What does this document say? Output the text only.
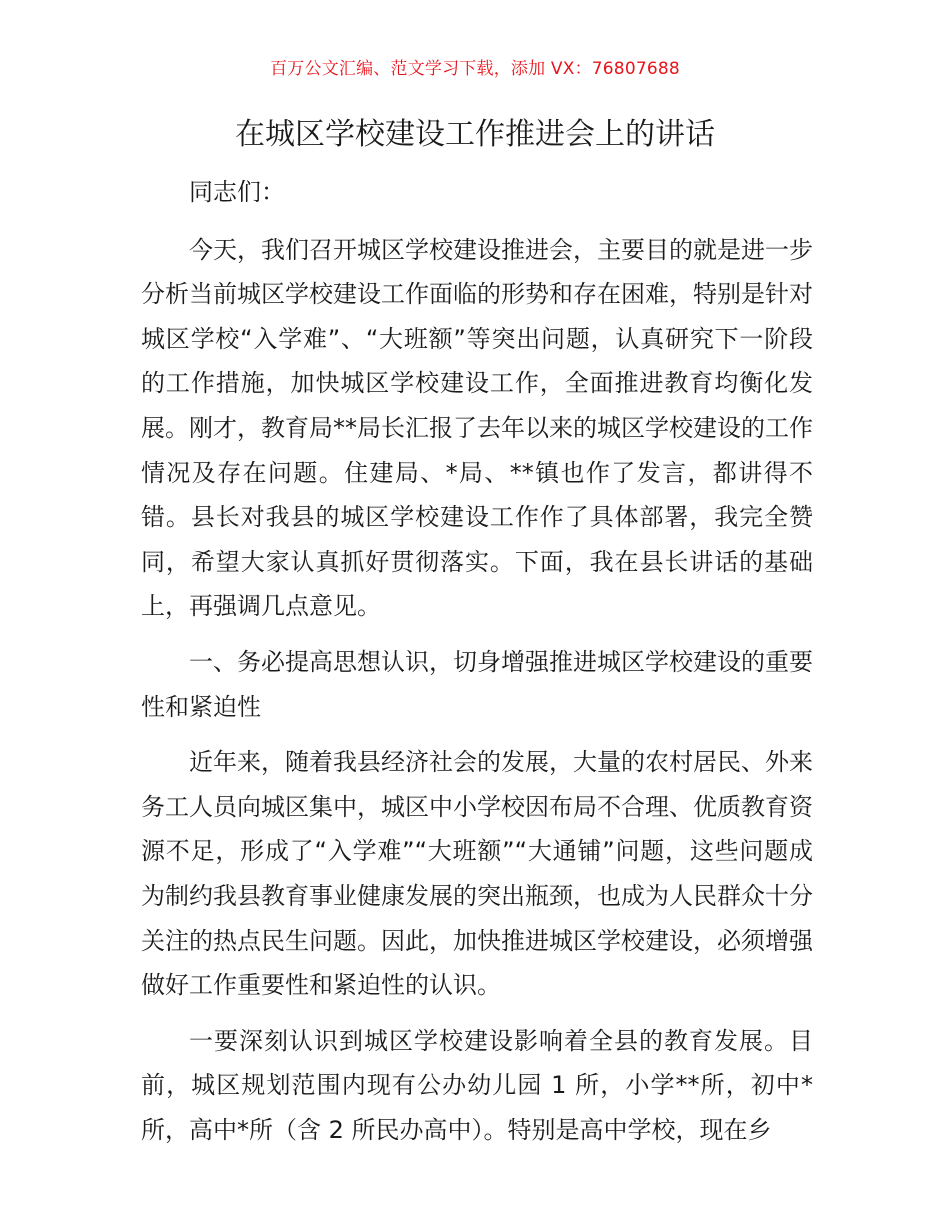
百万公文汇编、范文学习下载，添加 VX：76807688
在城区学校建设工作推进会上的讲话

同志们：

今天，我们召开城区学校建设推进会，主要目的就是进一步分析当前城区学校建设工作面临的形势和存在困难，特别是针对城区学校“入学难”、“大班额”等突出问题，认真研究下一阶段的工作措施，加快城区学校建设工作，全面推进教育均衡化发展。刚才，教育局**局长汇报了去年以来的城区学校建设的工作情况及存在问题。住建局、*局、**镇也作了发言，都讲得不错。县长对我县的城区学校建设工作作了具体部署，我完全赞同，希望大家认真抓好贯彻落实。下面，我在县长讲话的基础上，再强调几点意见。

一、务必提高思想认识，切身增强推进城区学校建设的重要性和紧迫性

近年来，随着我县经济社会的发展，大量的农村居民、外来务工人员向城区集中，城区中小学校因布局不合理、优质教育资源不足，形成了“入学难”“大班额”“大通铺”问题，这些问题成为制约我县教育事业健康发展的突出瓶颈，也成为人民群众十分关注的热点民生问题。因此，加快推进城区学校建设，必须增强做好工作重要性和紧迫性的认识。

一要深刻认识到城区学校建设影响着全县的教育发展。目前，城区规划范围内现有公办幼儿园 1 所，小学**所，初中*所，高中*所（含 2 所民办高中）。特别是高中学校，现在乡
